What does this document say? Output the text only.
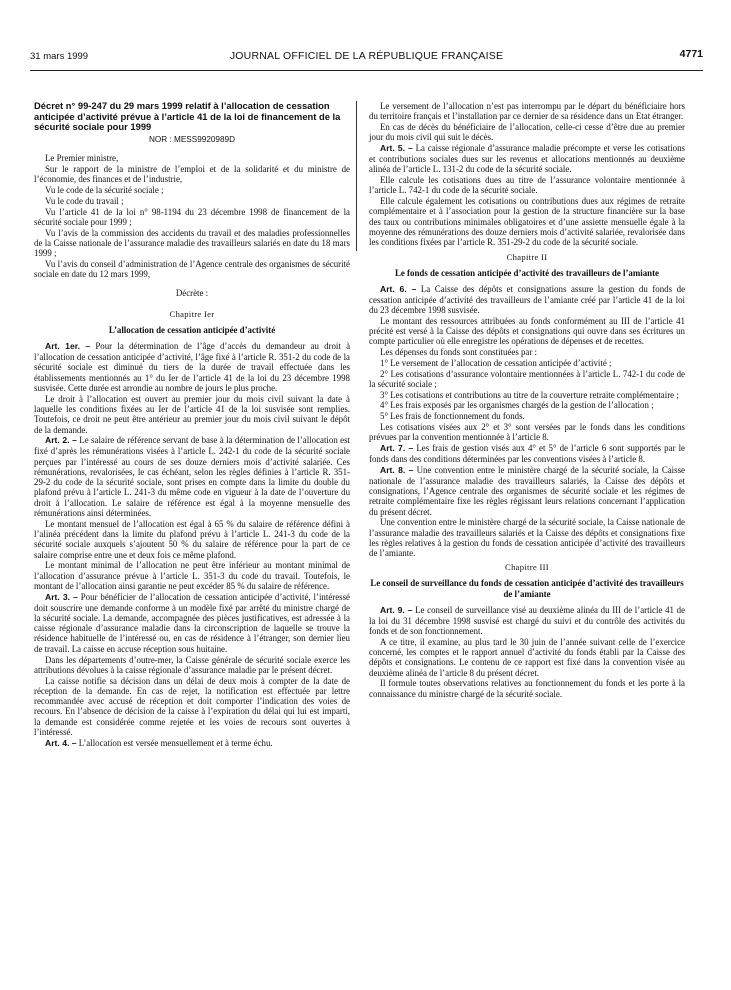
31 mars 1999	JOURNAL OFFICIEL DE LA RÉPUBLIQUE FRANÇAISE	4771

Décret n° 99-247 du 29 mars 1999 relatif à l’allocation de cessation anticipée d’activité prévue à l’article 41 de la loi de financement de la sécurité sociale pour 1999

NOR : MESS9920989D

Le Premier ministre,

Sur le rapport de la ministre de l’emploi et de la solidarité et du ministre de l’économie, des finances et de l’industrie,

Vu le code de la sécurité sociale ;

Vu le code du travail ;

Vu l’article 41 de la loi n° 98-1194 du 23 décembre 1998 de financement de la sécurité sociale pour 1999 ;

Vu l’avis de la commission des accidents du travail et des maladies professionnelles de la Caisse nationale de l’assurance maladie des travailleurs salariés en date du 18 mars 1999 ;

Vu l’avis du conseil d’administration de l’Agence centrale des organismes de sécurité sociale en date du 12 mars 1999,

Décrète :

Chapitre Ier

L’allocation de cessation anticipée d’activité

Art. 1er. – Pour la détermination de l’âge d’accès du demandeur au droit à l’allocation de cessation anticipée d’activité, l’âge fixé à l’article R. 351-2 du code de la sécurité sociale est diminué du tiers de la durée de travail effectuée dans les établissements mentionnés au 1° du Ier de l’article 41 de la loi du 23 décembre 1998 susvisée. Cette durée est arrondie au nombre de jours le plus proche.

Le droit à l’allocation est ouvert au premier jour du mois civil suivant la date à laquelle les conditions fixées au Ier de l’article 41 de la loi susvisée sont remplies. Toutefois, ce droit ne peut être antérieur au premier jour du mois civil suivant le dépôt de la demande.

Art. 2. – Le salaire de référence servant de base à la détermination de l’allocation est fixé d’après les rémunérations visées à l’article L. 242-1 du code de la sécurité sociale perçues par l’intéressé au cours de ses douze derniers mois d’activité salariée. Ces rémunérations, revalorisées, le cas échéant, selon les règles définies à l’article R. 351-29-2 du code de la sécurité sociale, sont prises en compte dans la limite du double du plafond prévu à l’article L. 241-3 du même code en vigueur à la date de l’ouverture du droit à l’allocation. Le salaire de référence est égal à la moyenne mensuelle des rémunérations ainsi déterminées.

Le montant mensuel de l’allocation est égal à 65 % du salaire de référence défini à l’alinéa précédent dans la limite du plafond prévu à l’article L. 241-3 du code de la sécurité sociale auxquels s’ajoutent 50 % du salaire de référence pour la part de ce salaire comprise entre une et deux fois ce même plafond.

Le montant minimal de l’allocation ne peut être inférieur au montant minimal de l’allocation d’assurance prévue à l’article L. 351-3 du code du travail. Toutefois, le montant de l’allocation ainsi garantie ne peut excéder 85 % du salaire de référence.

Art. 3. – Pour bénéficier de l’allocation de cessation anticipée d’activité, l’intéressé doit souscrire une demande conforme à un modèle fixé par arrêté du ministre chargé de la sécurité sociale. La demande, accompagnée des pièces justificatives, est adressée à la caisse régionale d’assurance maladie dans la circonscription de laquelle se trouve la résidence habituelle de l’intéressé ou, en cas de résidence à l’étranger, son dernier lieu de travail. La caisse en accuse réception sous huitaine.

Dans les départements d’outre-mer, la Caisse générale de sécurité sociale exerce les attributions dévolues à la caisse régionale d’assurance maladie par le présent décret.

La caisse notifie sa décision dans un délai de deux mois à compter de la date de réception de la demande. En cas de rejet, la notification est effectuée par lettre recommandée avec accusé de réception et doit comporter l’indication des voies de recours. En l’absence de décision de la caisse à l’expiration du délai qui lui est imparti, la demande est considérée comme rejetée et les voies de recours sont ouvertes à l’intéressé.

Art. 4. – L’allocation est versée mensuellement et à terme échu.

Le versement de l’allocation n’est pas interrompu par le départ du bénéficiaire hors du territoire français et l’installation par ce dernier de sa résidence dans un Etat étranger.

En cas de décès du bénéficiaire de l’allocation, celle-ci cesse d’être due au premier jour du mois civil qui suit le décès.

Art. 5. – La caisse régionale d’assurance maladie précompte et verse les cotisations et contributions sociales dues sur les revenus et allocations mentionnés au deuxième alinéa de l’article L. 131-2 du code de la sécurité sociale.

Elle calcule les cotisations dues au titre de l’assurance volontaire mentionnée à l’article L. 742-1 du code de la sécurité sociale.

Elle calcule également les cotisations ou contributions dues aux régimes de retraite complémentaire et à l’association pour la gestion de la structure financière sur la base des taux ou contributions minimales obligatoires et d’une assiette mensuelle égale à la moyenne des rémunérations des douze derniers mois d’activité salariée, revalorisée dans les conditions fixées par l’article R. 351-29-2 du code de la sécurité sociale.

Chapitre II

Le fonds de cessation anticipée d’activité des travailleurs de l’amiante

Art. 6. – La Caisse des dépôts et consignations assure la gestion du fonds de cessation anticipée d’activité des travailleurs de l’amiante créé par l’article 41 de la loi du 23 décembre 1998 susvisée.

Le montant des ressources attribuées au fonds conformément au III de l’article 41 précité est versé à la Caisse des dépôts et consignations qui ouvre dans ses écritures un compte particulier où elle enregistre les opérations de dépenses et de recettes.

Les dépenses du fonds sont constituées par :

1° Le versement de l’allocation de cessation anticipée d’activité ;

2° Les cotisations d’assurance volontaire mentionnées à l’article L. 742-1 du code de la sécurité sociale ;

3° Les cotisations et contributions au titre de la couverture retraite complémentaire ;

4° Les frais exposés par les organismes chargés de la gestion de l’allocation ;

5° Les frais de fonctionnement du fonds.

Les cotisations visées aux 2° et 3° sont versées par le fonds dans les conditions prévues par la convention mentionnée à l’article 8.

Art. 7. – Les frais de gestion visés aux 4° et 5° de l’article 6 sont supportés par le fonds dans des conditions déterminées par les conventions visées à l’article 8.

Art. 8. – Une convention entre le ministère chargé de la sécurité sociale, la Caisse nationale de l’assurance maladie des travailleurs salariés, la Caisse des dépôts et consignations, l’Agence centrale des organismes de sécurité sociale et les régimes de retraite complémentaire fixe les règles régissant leurs relations concernant l’application du présent décret.

Une convention entre le ministère chargé de la sécurité sociale, la Caisse nationale de l’assurance maladie des travailleurs salariés et la Caisse des dépôts et consignations fixe les règles relatives à la gestion du fonds de cessation anticipée d’activité des travailleurs de l’amiante.

Chapitre III

Le conseil de surveillance du fonds de cessation anticipée d’activité des travailleurs de l’amiante

Art. 9. – Le conseil de surveillance visé au deuxième alinéa du III de l’article 41 de la loi du 31 décembre 1998 susvisé est chargé du suivi et du contrôle des activités du fonds et de son fonctionnement.

A ce titre, il examine, au plus tard le 30 juin de l’année suivant celle de l’exercice concerné, les comptes et le rapport annuel d’activité du fonds établi par la Caisse des dépôts et consignations. Le contenu de ce rapport est fixé dans la convention visée au deuxième alinéa de l’article 8 du présent décret.

Il formule toutes observations relatives au fonctionnement du fonds et les porte à la connaissance du ministre chargé de la sécurité sociale.
